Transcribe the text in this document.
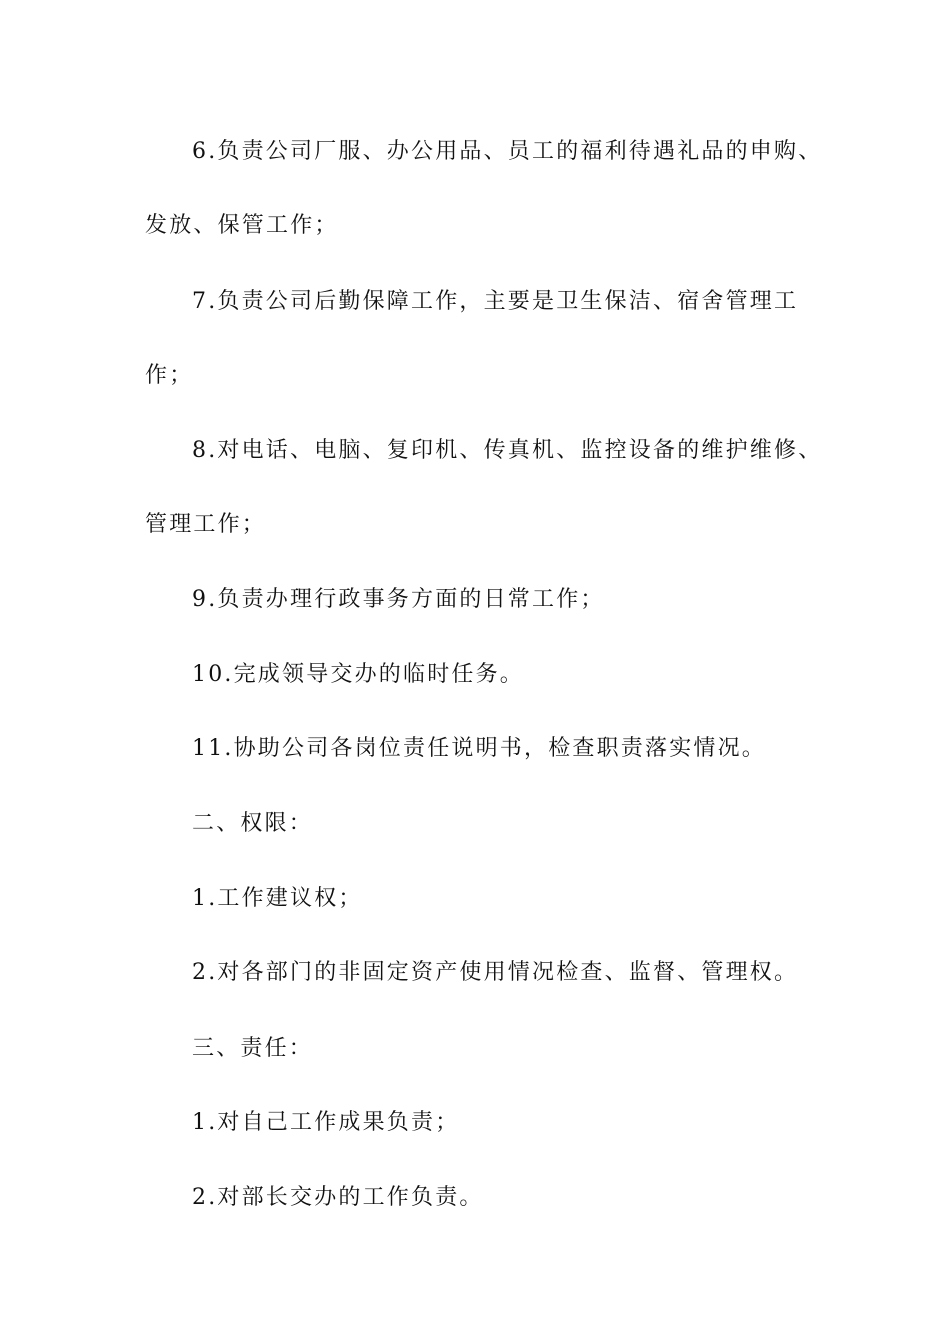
6.负责公司厂服、办公用品、员工的福利待遇礼品的申购、
发放、保管工作；
7.负责公司后勤保障工作，主要是卫生保洁、宿舍管理工
作；
8.对电话、电脑、复印机、传真机、监控设备的维护维修、
管理工作；
9.负责办理行政事务方面的日常工作；
10.完成领导交办的临时任务。
11.协助公司各岗位责任说明书，检查职责落实情况。
二、权限：
1.工作建议权；
2.对各部门的非固定资产使用情况检查、监督、管理权。
三、责任：
1.对自己工作成果负责；
2.对部长交办的工作负责。
